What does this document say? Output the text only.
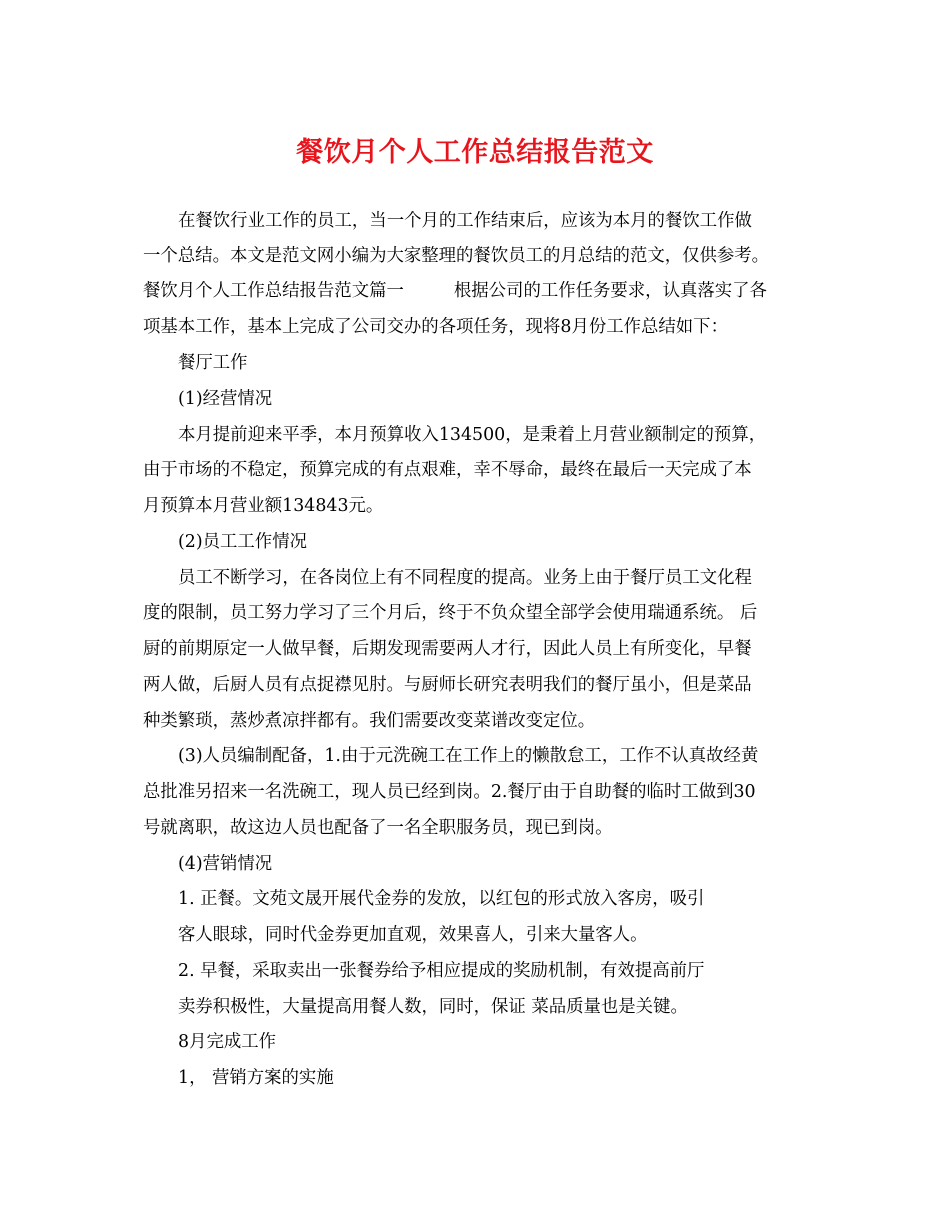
餐饮月个人工作总结报告范文
在餐饮行业工作的员工，当一个月的工作结束后，应该为本月的餐饮工作做
一个总结。本文是范文网小编为大家整理的餐饮员工的月总结的范文，仅供参考。
餐饮月个人工作总结报告范文篇一	根据公司的工作任务要求，认真落实了各
项基本工作，基本上完成了公司交办的各项任务，现将8月份工作总结如下：
餐厅工作
(1)经营情况
本月提前迎来平季，本月预算收入134500，是秉着上月营业额制定的预算，
由于市场的不稳定，预算完成的有点艰难，幸不辱命，最终在最后一天完成了本
月预算本月营业额134843元。
(2)员工工作情况
员工不断学习，在各岗位上有不同程度的提高。业务上由于餐厅员工文化程
度的限制，员工努力学习了三个月后，终于不负众望全部学会使用瑞通系统。 后
厨的前期原定一人做早餐，后期发现需要两人才行，因此人员上有所变化，早餐
两人做，后厨人员有点捉襟见肘。与厨师长研究表明我们的餐厅虽小，但是菜品
种类繁琐，蒸炒煮凉拌都有。我们需要改变菜谱改变定位。
(3)人员编制配备，1.由于元洗碗工在工作上的懒散怠工，工作不认真故经黄
总批准另招来一名洗碗工，现人员已经到岗。2.餐厅由于自助餐的临时工做到30
号就离职，故这边人员也配备了一名全职服务员，现已到岗。
(4)营销情况
1. 正餐。文苑文晟开展代金券的发放，以红包的形式放入客房，吸引
客人眼球，同时代金券更加直观，效果喜人，引来大量客人。
2. 早餐，采取卖出一张餐券给予相应提成的奖励机制，有效提高前厅
卖券积极性，大量提高用餐人数，同时，保证 菜品质量也是关键。
8月完成工作
1， 营销方案的实施
